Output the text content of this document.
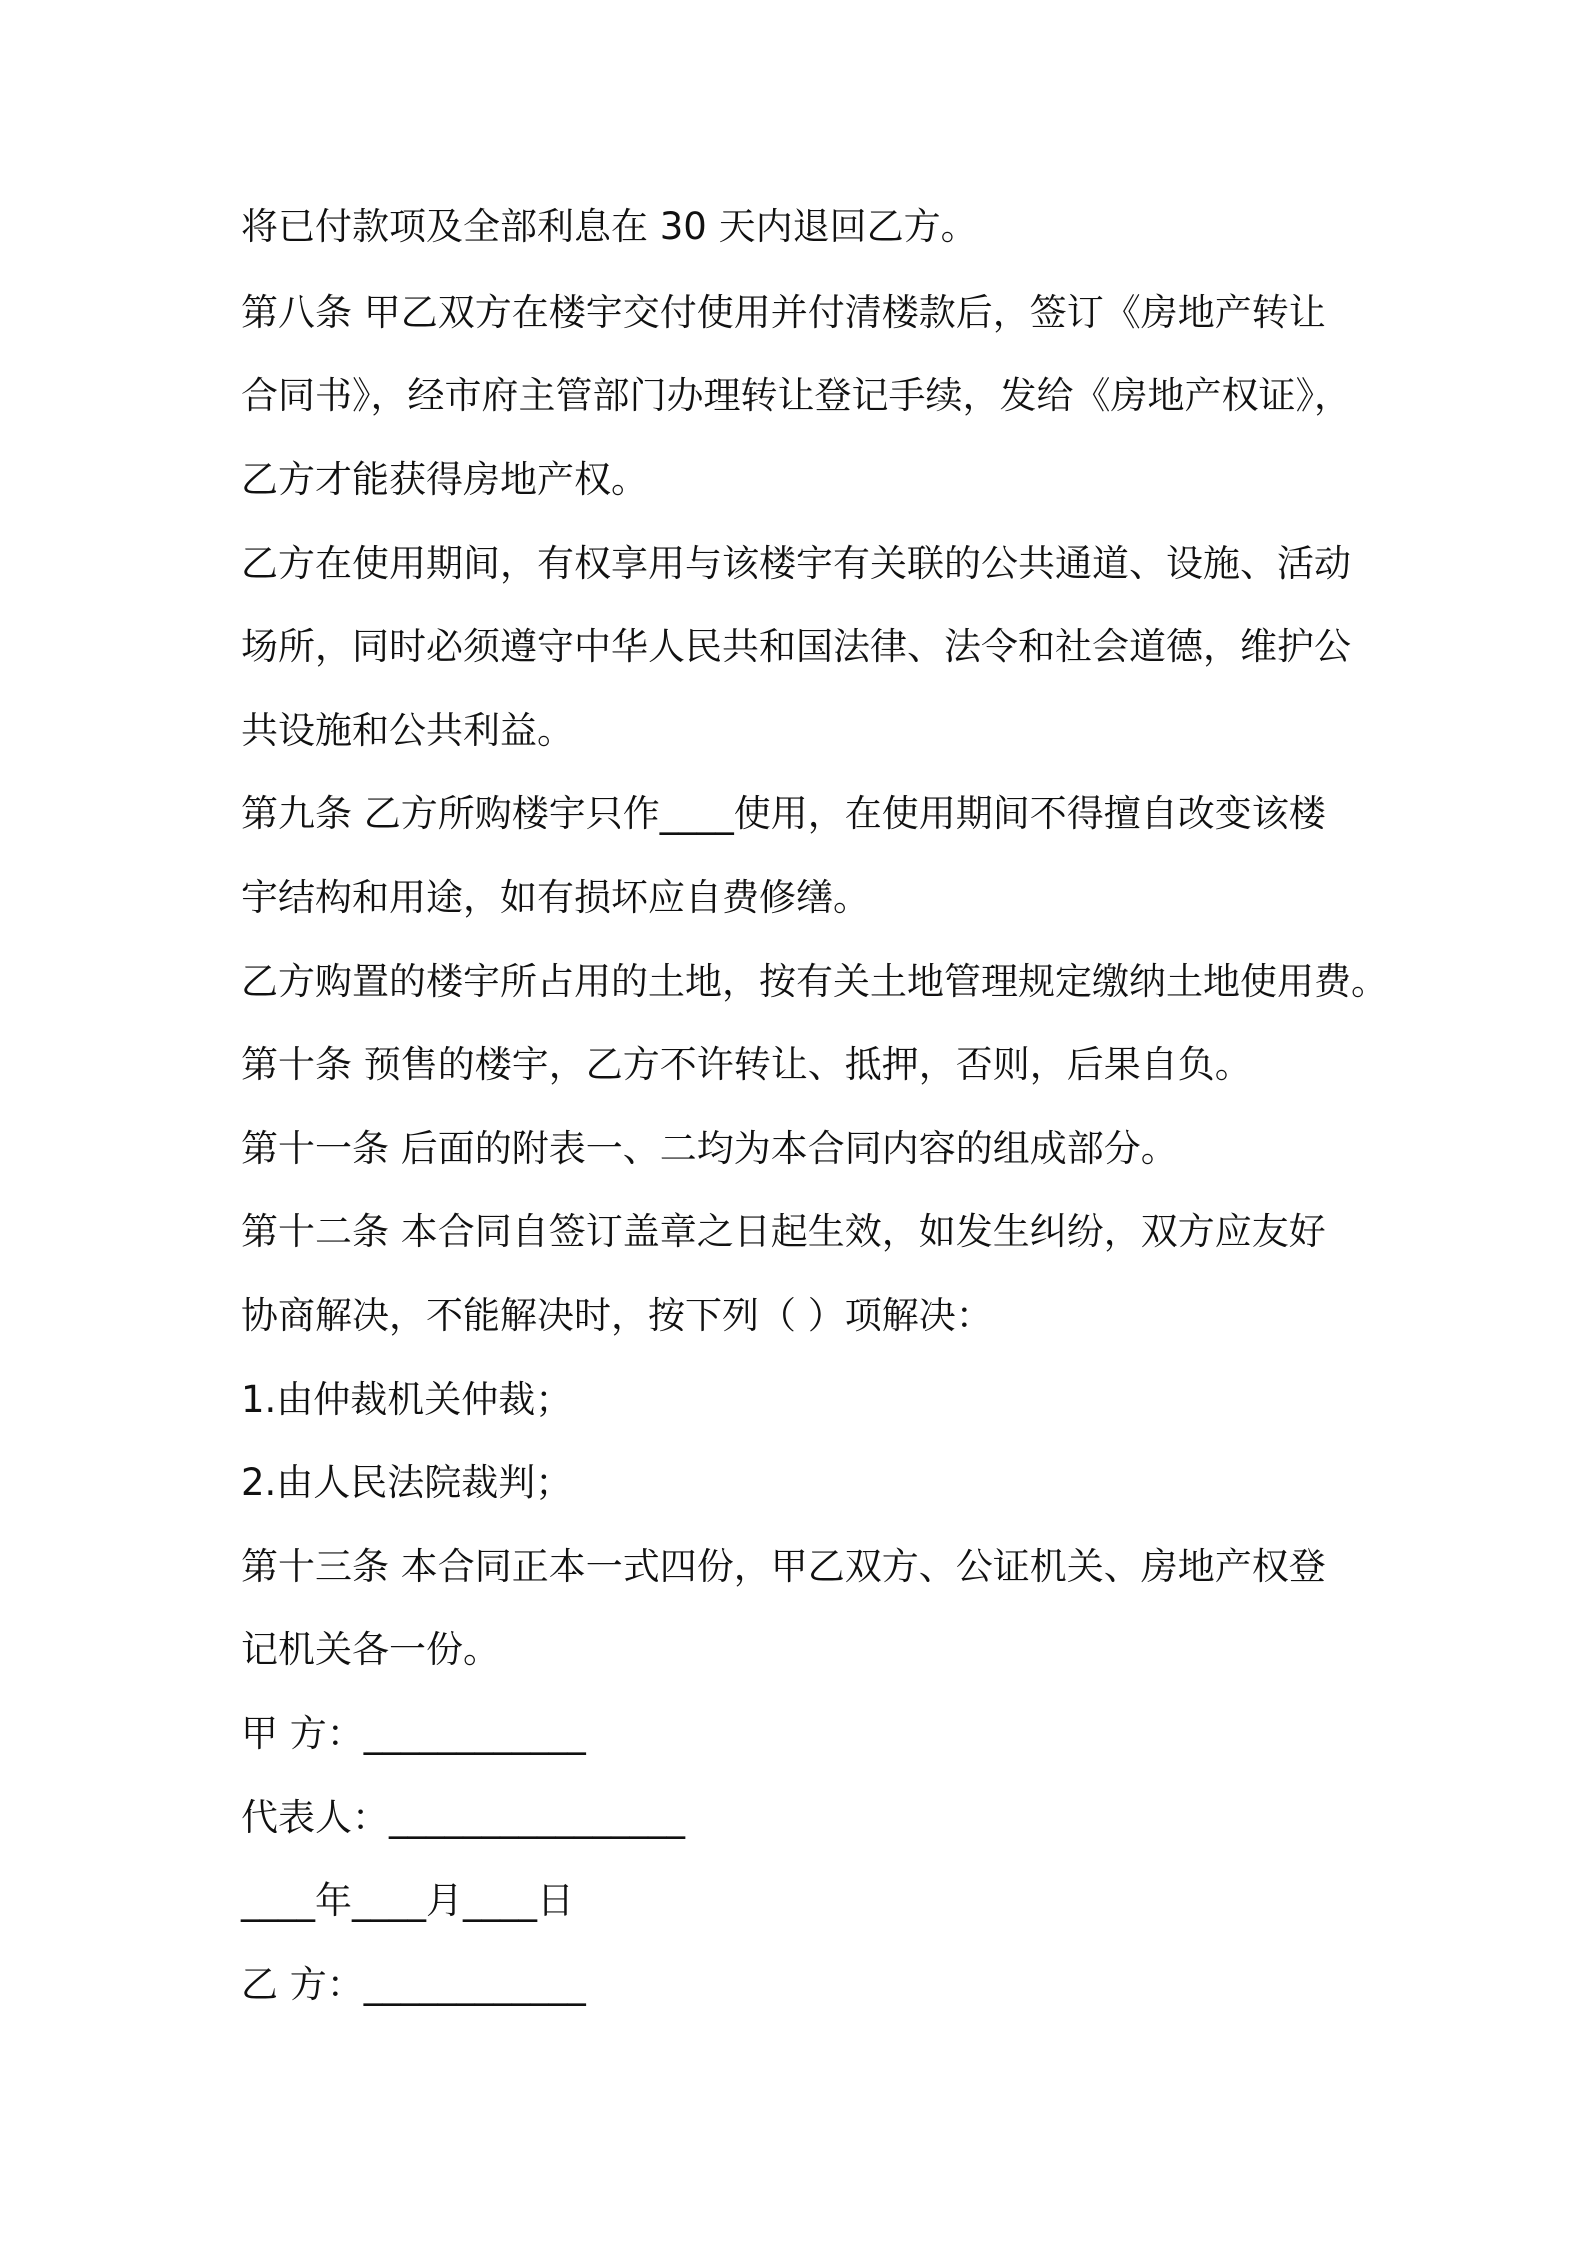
将已付款项及全部利息在 30 天内退回乙方。

第八条 甲乙双方在楼宇交付使用并付清楼款后，签订《房地产转让

合同书》，经市府主管部门办理转让登记手续，发给《房地产权证》，

乙方才能获得房地产权。

乙方在使用期间，有权享用与该楼宇有关联的公共通道、设施、活动

场所，同时必须遵守中华人民共和国法律、法令和社会道德，维护公

共设施和公共利益。

第九条 乙方所购楼宇只作____使用，在使用期间不得擅自改变该楼

宇结构和用途，如有损坏应自费修缮。

乙方购置的楼宇所占用的土地，按有关土地管理规定缴纳土地使用费。

第十条 预售的楼宇，乙方不许转让、抵押，否则，后果自负。

第十一条 后面的附表一、二均为本合同内容的组成部分。

第十二条 本合同自签订盖章之日起生效，如发生纠纷，双方应友好

协商解决，不能解决时，按下列（ ）项解决：

1.由仲裁机关仲裁；

2.由人民法院裁判；

第十三条 本合同正本一式四份，甲乙双方、公证机关、房地产权登

记机关各一份。

甲 方：____________

代表人：________________

____年____月____日

乙 方：____________
